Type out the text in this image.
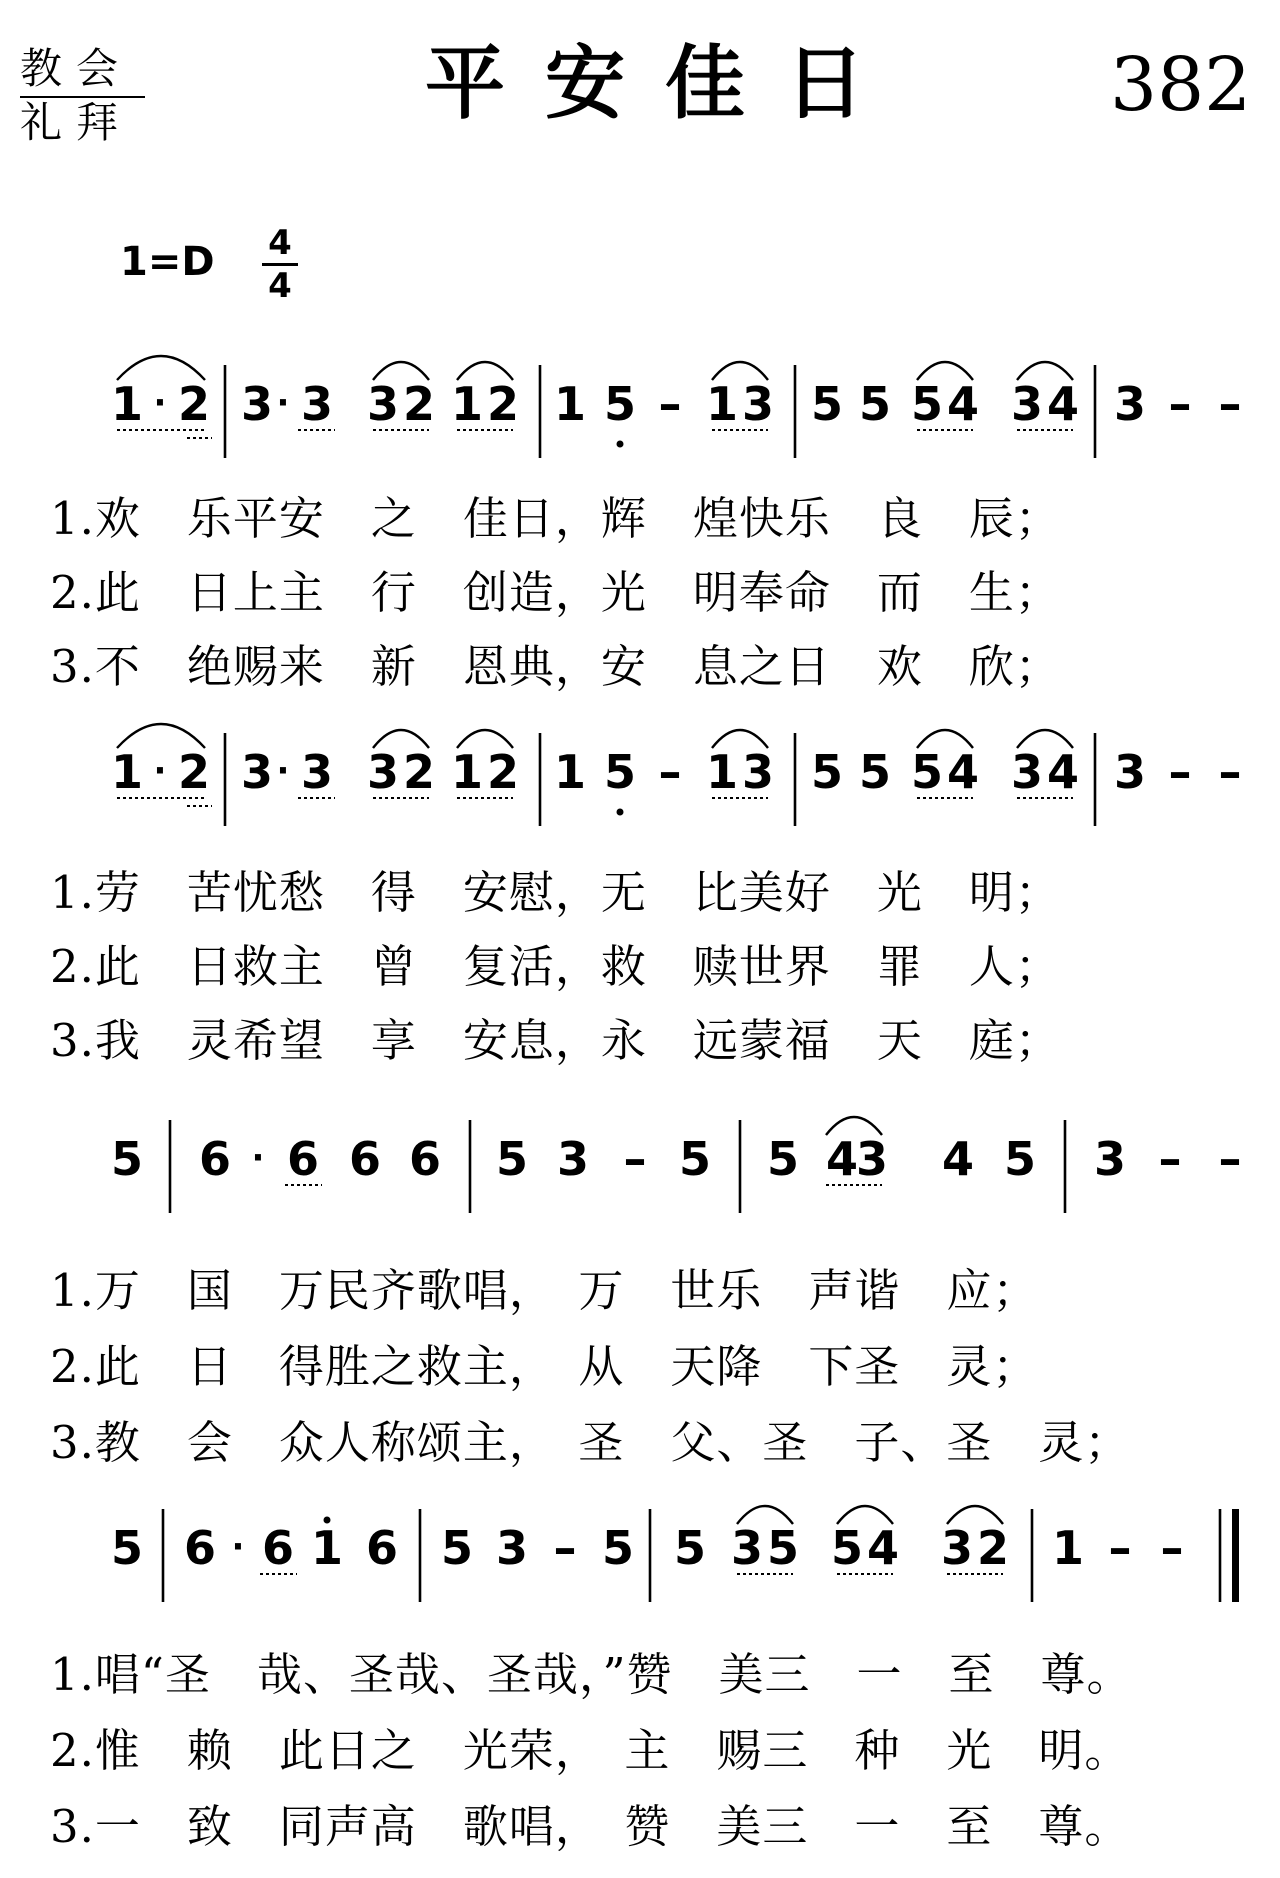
教会
礼拜	平安佳日	382
1=D 4
4
1 · 2 3 · 3 3 2 1 2 1 5 – 1 3 5 5 5 4 3 4 3 – –
1.欢　乐平安　之　佳日，辉　煌快乐　良　辰；
2.此　日上主　行　创造，光　明奉命　而　生；
3.不　绝赐来　新　恩典，安　息之日　欢　欣；
1 · 2 3 · 3 3 2 1 2 1 5 – 1 3 5 5 5 4 3 4 3 – –
1.劳　苦忧愁　得　安慰，无　比美好　光　明；
2.此　日救主　曾　复活，救　赎世界　罪　人；
3.我　灵希望　享　安息，永　远蒙福　天　庭；
5 6 · 6 6 6 5 3 – 5 5 4
3 4 5 3 – –
1.万　国　万民齐歌唱，　万　世乐　声谐　应；
2.此　日　得胜之救主，　从　天降　下圣　灵；
3.教　会　众人称颂主，　圣　父、圣　子、圣　灵；
5 6 · 6 1 6 5 3 – 5 5 3 5 5 4 3 2 1 – –
1.唱“圣　哉、圣哉、圣哉，”赞　美三　一　至　尊。
2.惟　赖　此日之　光荣，　主　赐三　种　光　明。
3.一　致　同声高　歌唱，　赞　美三　一　至　尊。
